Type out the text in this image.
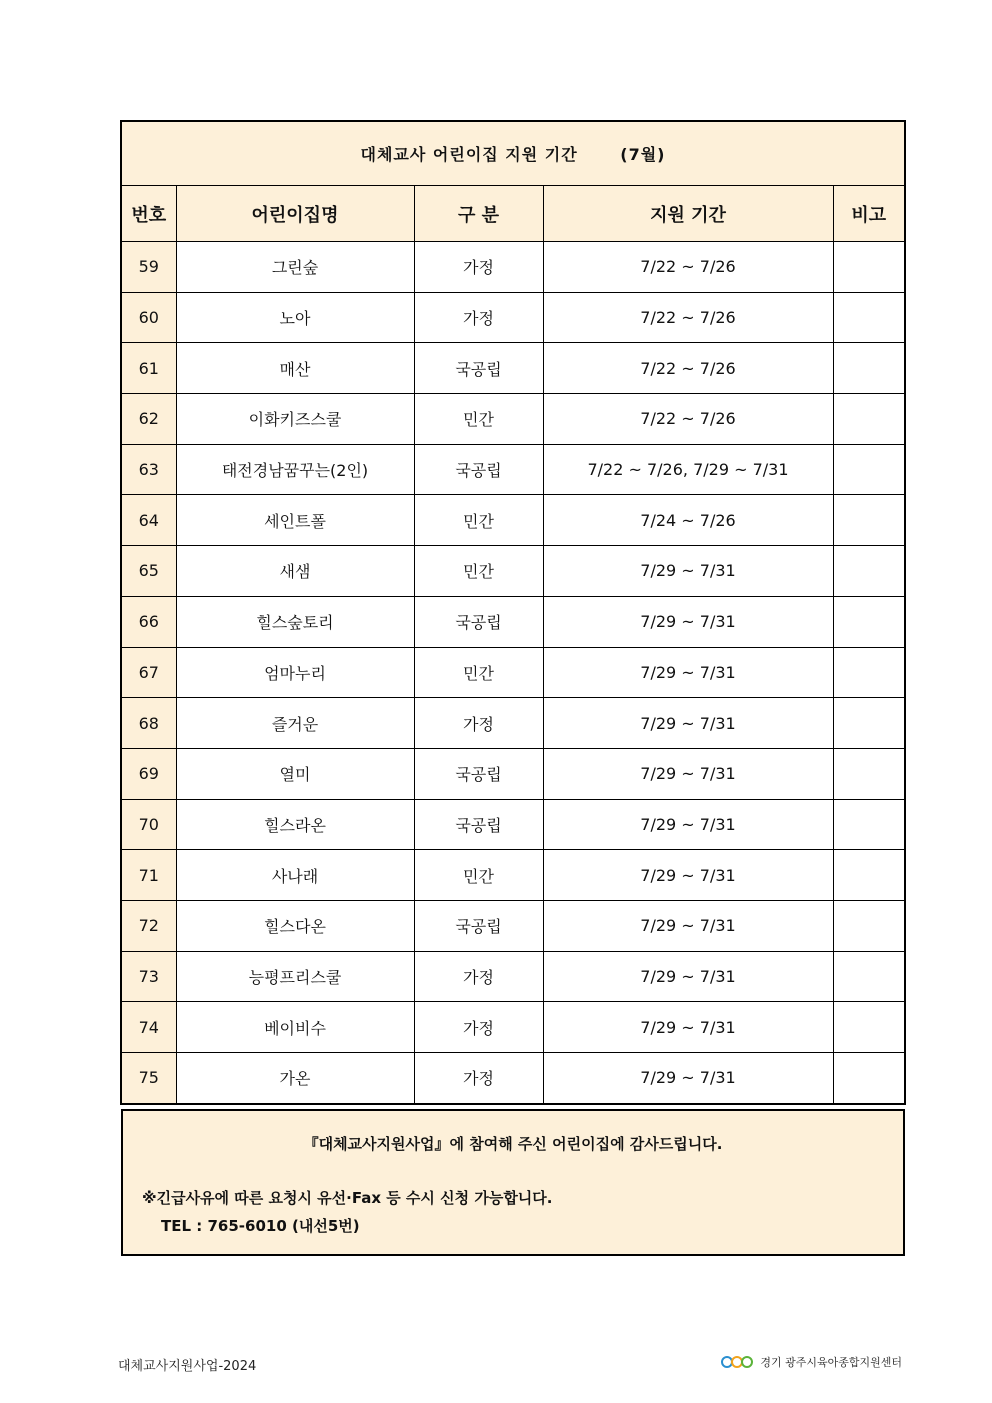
대체교사 어린이집 지원 기간 (7월)				
번호	어린이집명	구 분	지원 기간	비고
59	그린숲	가정	7/22 ~ 7/26	
60	노아	가정	7/22 ~ 7/26	
61	매산	국공립	7/22 ~ 7/26	
62	이화키즈스쿨	민간	7/22 ~ 7/26	
63	태전경남꿈꾸는(2인)	국공립	7/22 ~ 7/26, 7/29 ~ 7/31	
64	세인트폴	민간	7/24 ~ 7/26	
65	새샘	민간	7/29 ~ 7/31	
66	힐스숲토리	국공립	7/29 ~ 7/31	
67	엄마누리	민간	7/29 ~ 7/31	
68	즐거운	가정	7/29 ~ 7/31	
69	열미	국공립	7/29 ~ 7/31	
70	힐스라온	국공립	7/29 ~ 7/31	
71	사나래	민간	7/29 ~ 7/31	
72	힐스다온	국공립	7/29 ~ 7/31	
73	능평프리스쿨	가정	7/29 ~ 7/31	
74	베이비수	가정	7/29 ~ 7/31	
75	가온	가정	7/29 ~ 7/31	
『대체교사지원사업』에 참여해 주신 어린이집에 감사드립니다.
※긴급사유에 따른 요청시 유선·Fax 등 수시 신청 가능합니다.
TEL : 765-6010 (내선5번)
대체교사지원사업-2024	경기 광주시육아종합지원센터
